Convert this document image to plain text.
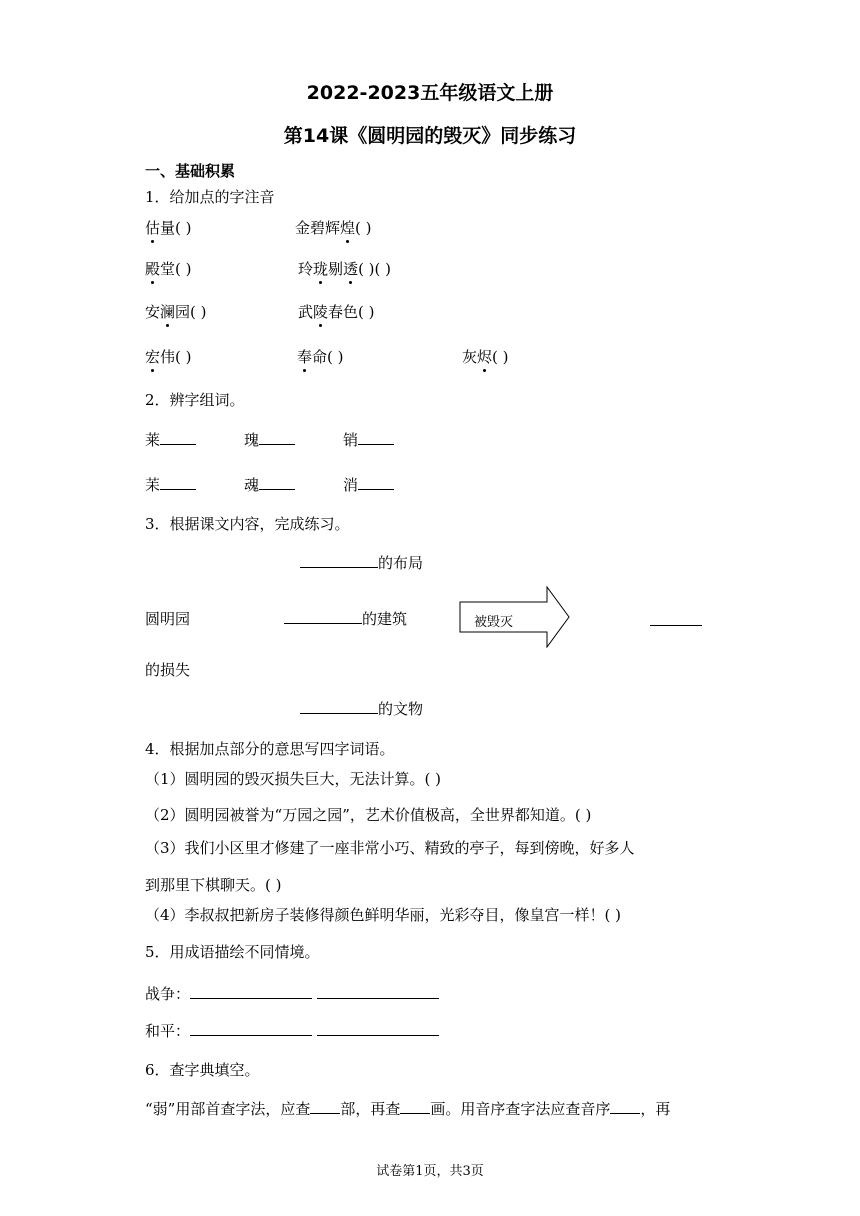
2022-2023五年级语文上册
第14课《圆明园的毁灭》同步练习
一、基础积累
1．给加点的字注音
估量( )	金碧辉煌( )
殿堂( )	玲珑剔透( )( )
安澜园( )	武陵春色( )
宏伟( )	奉命( )	灰烬( )
2．辨字组词。
莱	瑰	销
苿	魂	消
3．根据课文内容，完成练习。
的布局
圆明园	的建筑	被毁灭
的损失
的文物
4．根据加点部分的意思写四字词语。
（1）圆明园的毁灭损失巨大，无法计算。( )
（2）圆明园被誉为“万园之园”，艺术价值极高，全世界都知道。( )
（3）我们小区里才修建了一座非常小巧、精致的亭子，每到傍晚，好多人
到那里下棋聊天。( )
（4）李叔叔把新房子装修得颜色鲜明华丽，光彩夺目，像皇宫一样！( )
5．用成语描绘不同情境。
战争：
和平：
6．查字典填空。
“弱”用部首查字法，应查 部，再查 画。用音序查字法应查音序 ，再
试卷第1页，共3页
